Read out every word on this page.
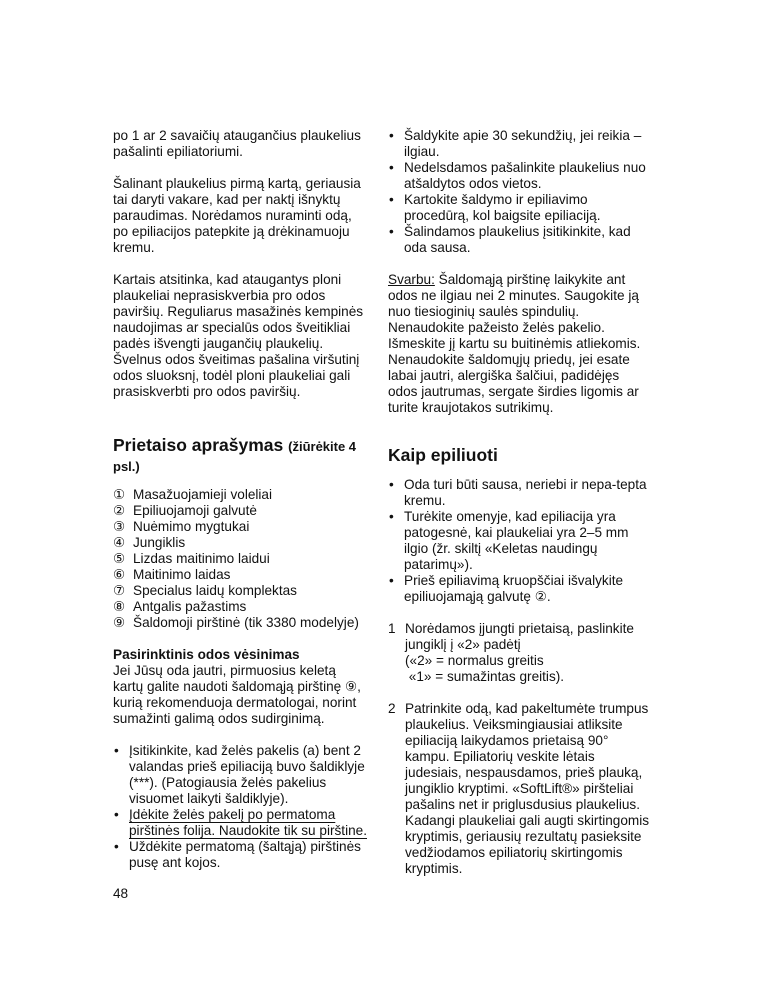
po 1 ar 2 savaičių ataugančius plaukelius pašalinti epiliatoriumi.

Šalinant plaukelius pirmą kartą, geriausia tai daryti vakare, kad per naktį išnyktų paraudimas. Norėdamos nuraminti odą, po epiliacijos patepkite ją drėkinamuoju kremu.

Kartais atsitinka, kad ataugantys ploni plaukeliai neprasiskverbia pro odos paviršių. Reguliarus masažinės kempinės naudojimas ar specialūs odos šveitikliai padės išvengti jaugančių plaukelių. Švelnus odos šveitimas pašalina viršutinį odos sluoksnį, todėl ploni plaukeliai gali prasiskverbti pro odos paviršių.

Prietaiso aprašymas (žiūrėkite 4 psl.)
① Masažuojamieji voleliai
② Epiliuojamoji galvutė
③ Nuėmimo mygtukai
④ Jungiklis
⑤ Lizdas maitinimo laidui
⑥ Maitinimo laidas
⑦ Specialus laidų komplektas
⑧ Antgalis pažastims
⑨ Šaldomoji pirštinė (tik 3380 modelyje)

Pasirinktinis odos vėsinimas

Jei Jūsų oda jautri, pirmuosius keletą kartų galite naudoti šaldomąją pirštinę ⑨, kurią rekomenduoja dermatologai, norint sumažinti galimą odos sudirginimą.

• Įsitikinkite, kad želės pakelis (a) bent 2 valandas prieš epiliaciją buvo šaldiklyje (***). (Patogiausia želės pakelius visuomet laikyti šaldiklyje).
• Įdėkite želės pakelį po permatoma pirštinės folija. Naudokite tik su pirštine.
• Uždėkite permatomą (šaltąją) pirštinės pusę ant kojos.
• Šaldykite apie 30 sekundžių, jei reikia – ilgiau.
• Nedelsdamos pašalinkite plaukelius nuo atšaldytos odos vietos.
• Kartokite šaldymo ir epiliavimo procedūrą, kol baigsite epiliaciją.
• Šalindamos plaukelius įsitikinkite, kad oda sausa.

Svarbu: Šaldomąją pirštinę laikykite ant odos ne ilgiau nei 2 minutes. Saugokite ją nuo tiesioginių saulės spindulių. Nenaudokite pažeisto želės pakelio. Išmeskite jį kartu su buitinėmis atliekomis. Nenaudokite šaldomųjų priedų, jei esate labai jautri, alergiška šalčiui, padidėjęs odos jautrumas, sergate širdies ligomis ar turite kraujotakos sutrikimų.

Kaip epiliuoti
• Oda turi būti sausa, neriebi ir nepa-tepta kremu.
• Turėkite omenyje, kad epiliacija yra patogesnė, kai plaukeliai yra 2–5 mm ilgio (žr. skiltį «Keletas naudingų patarimų»).
• Prieš epiliavimą kruopščiai išvalykite epiliuojamąją galvutę ②.
1 Norėdamos įjungti prietaisą, paslinkite jungiklį į «2» padėtį
(«2» = normalus greitis
«1» = sumažintas greitis).
2 Patrinkite odą, kad pakeltumėte trumpus plaukelius. Veiksmingiausiai atliksite epiliaciją laikydamos prietaisą 90° kampu. Epiliatorių veskite lėtais judesiais, nespausdamos, prieš plauką, jungiklio kryptimi. «SoftLift®» piršteliai pašalins net ir priglusdusius plaukelius. Kadangi plaukeliai gali augti skirtingomis kryptimis, geriausių rezultatų pasieksite vedžiodamos epiliatorių skirtingomis kryptimis.
48
